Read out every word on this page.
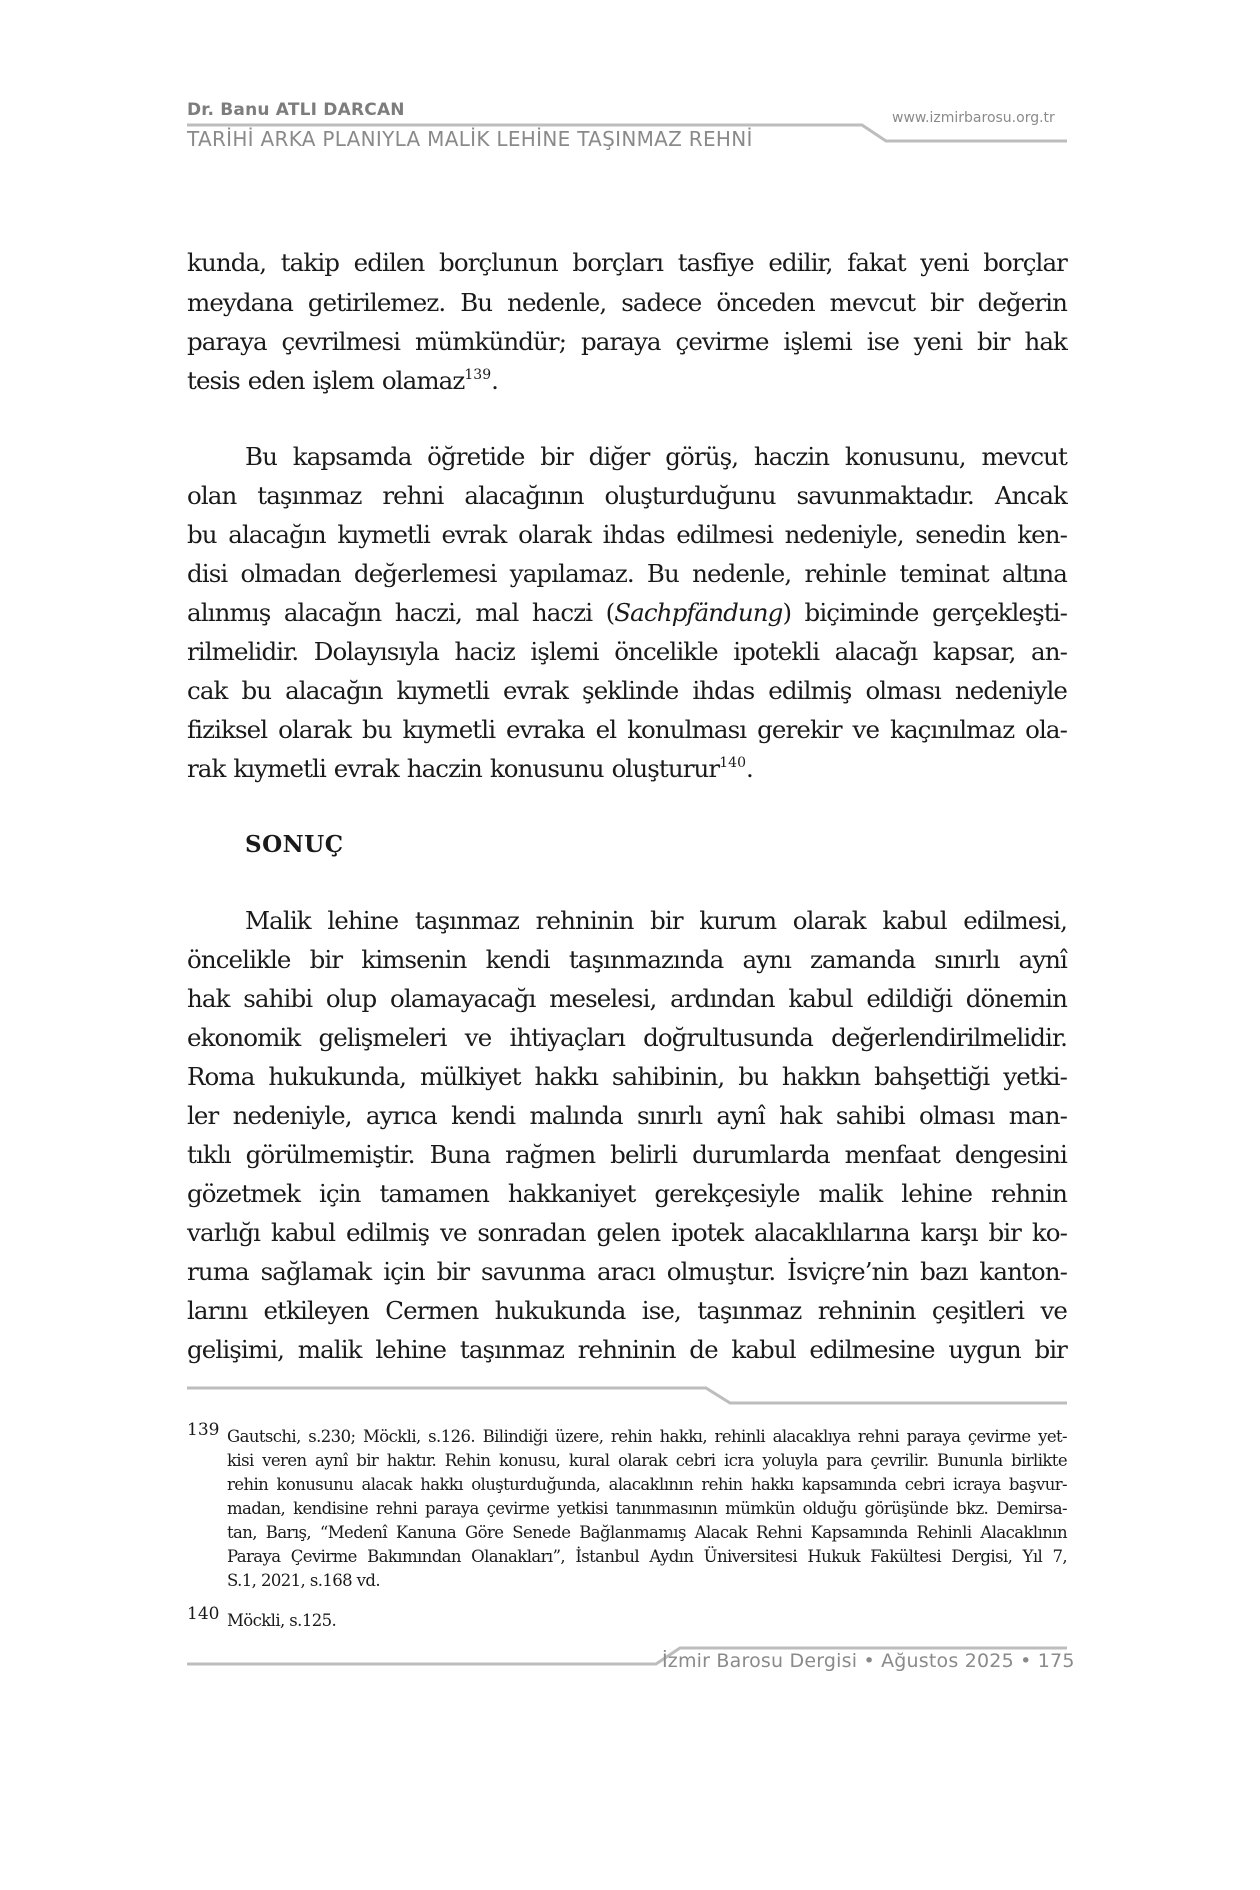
Dr. Banu ATLI DARCAN
TARİHİ ARKA PLANIYLA MALİK LEHİNE TAŞINMAZ REHNİ
www.izmirbarosu.org.tr
kunda, takip edilen borçlunun borçları tasfiye edilir, fakat yeni borçlar
meydana getirilemez. Bu nedenle, sadece önceden mevcut bir değerin
paraya çevrilmesi mümkündür; paraya çevirme işlemi ise yeni bir hak
tesis eden işlem olamaz$^{139}$.
Bu kapsamda öğretide bir diğer görüş, haczin konusunu, mevcut
olan taşınmaz rehni alacağının oluşturduğunu savunmaktadır. Ancak
bu alacağın kıymetli evrak olarak ihdas edilmesi nedeniyle, senedin ken-
disi olmadan değerlemesi yapılamaz. Bu nedenle, rehinle teminat altına
alınmış alacağın haczi, mal haczi (Sachpfändung) biçiminde gerçekleşti-
rilmelidir. Dolayısıyla haciz işlemi öncelikle ipotekli alacağı kapsar, an-
cak bu alacağın kıymetli evrak şeklinde ihdas edilmiş olması nedeniyle
fiziksel olarak bu kıymetli evraka el konulması gerekir ve kaçınılmaz ola-
rak kıymetli evrak haczin konusunu oluşturur$^{140}$.
SONUÇ
Malik lehine taşınmaz rehninin bir kurum olarak kabul edilmesi,
öncelikle bir kimsenin kendi taşınmazında aynı zamanda sınırlı aynî
hak sahibi olup olamayacağı meselesi, ardından kabul edildiği dönemin
ekonomik gelişmeleri ve ihtiyaçları doğrultusunda değerlendirilmelidir.
Roma hukukunda, mülkiyet hakkı sahibinin, bu hakkın bahşettiği yetki-
ler nedeniyle, ayrıca kendi malında sınırlı aynî hak sahibi olması man-
tıklı görülmemiştir. Buna rağmen belirli durumlarda menfaat dengesini
gözetmek için tamamen hakkaniyet gerekçesiyle malik lehine rehnin
varlığı kabul edilmiş ve sonradan gelen ipotek alacaklılarına karşı bir ko-
ruma sağlamak için bir savunma aracı olmuştur. İsviçre’nin bazı kanton-
larını etkileyen Cermen hukukunda ise, taşınmaz rehninin çeşitleri ve
gelişimi, malik lehine taşınmaz rehninin de kabul edilmesine uygun bir
139 Gautschi, s.230; Möckli, s.126. Bilindiği üzere, rehin hakkı, rehinli alacaklıya rehni paraya çevirme yet-
kisi veren aynî bir haktır. Rehin konusu, kural olarak cebri icra yoluyla para çevrilir. Bununla birlikte
rehin konusunu alacak hakkı oluşturduğunda, alacaklının rehin hakkı kapsamında cebri icraya başvur-
madan, kendisine rehni paraya çevirme yetkisi tanınmasının mümkün olduğu görüşünde bkz. Demirsa-
tan, Barış, “Medenî Kanuna Göre Senede Bağlanmamış Alacak Rehni Kapsamında Rehinli Alacaklının
Paraya Çevirme Bakımından Olanakları”, İstanbul Aydın Üniversitesi Hukuk Fakültesi Dergisi, Yıl 7,
S.1, 2021, s.168 vd.
140 Möckli, s.125.
İzmir Barosu Dergisi • Ağustos 2025 • 175
